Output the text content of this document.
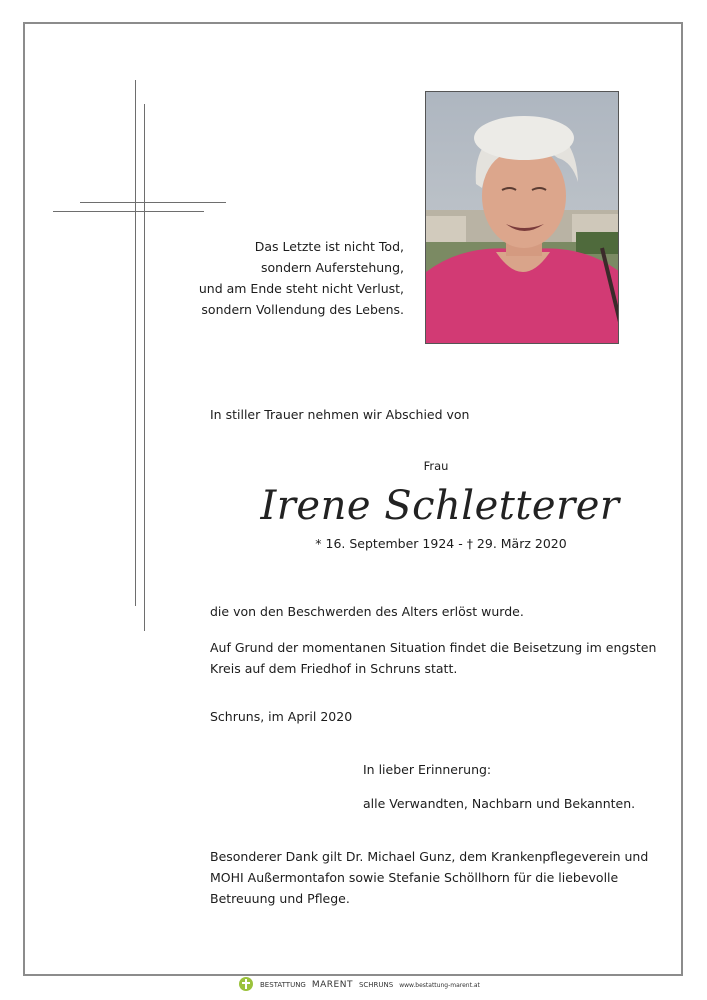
Das Letzte ist nicht Tod,
sondern Auferstehung,
und am Ende steht nicht Verlust,
sondern Vollendung des Lebens.
In stiller Trauer nehmen wir Abschied von
Frau
Irene Schletterer
* 16. September 1924 - † 29. März 2020
die von den Beschwerden des Alters erlöst wurde.
Auf Grund der momentanen Situation findet die Beisetzung im engsten
Kreis auf dem Friedhof in Schruns statt.
Schruns, im April 2020
In lieber Erinnerung:
alle Verwandten, Nachbarn und Bekannten.
Besonderer Dank gilt Dr. Michael Gunz, dem Krankenpflegeverein und
MOHI Außermontafon sowie Stefanie Schöllhorn für die liebevolle
Betreuung und Pflege.
BESTATTUNG MARENT SCHRUNS www.bestattung-marent.at
